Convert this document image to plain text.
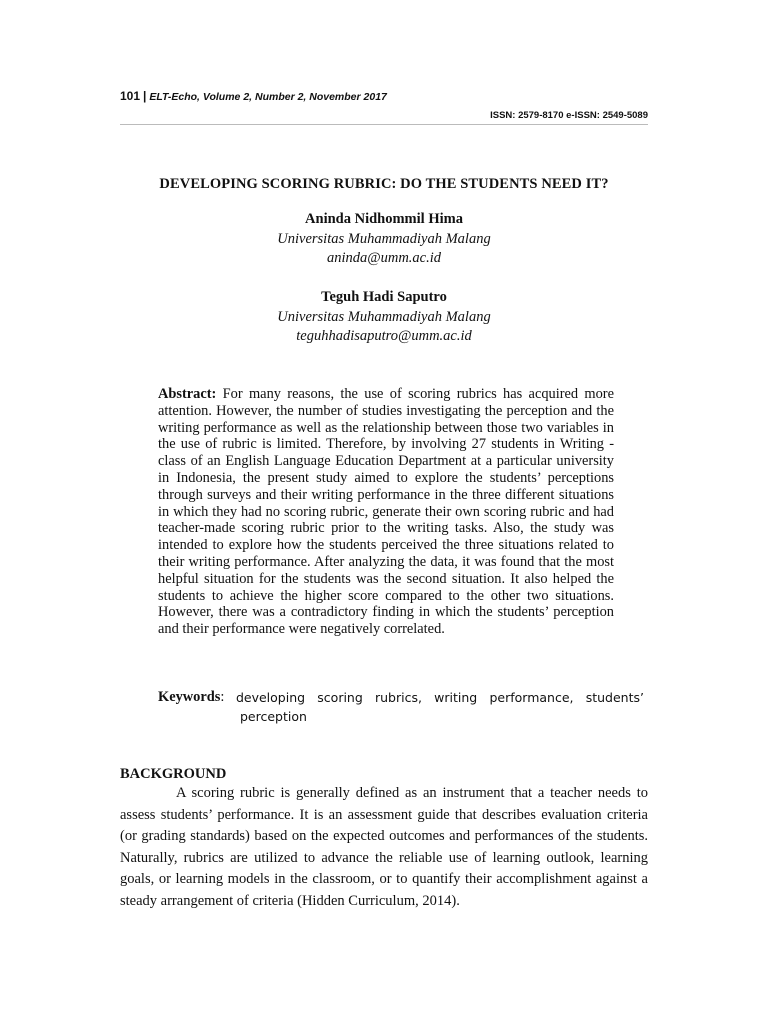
101 | ELT-Echo, Volume 2, Number 2, November 2017
ISSN: 2579-8170 e-ISSN: 2549-5089
DEVELOPING SCORING RUBRIC: DO THE STUDENTS NEED IT?
Aninda Nidhommil Hima
Universitas Muhammadiyah Malang
aninda@umm.ac.id
Teguh Hadi Saputro
Universitas Muhammadiyah Malang
teguhhadisaputro@umm.ac.id
Abstract: For many reasons, the use of scoring rubrics has acquired more attention. However, the number of studies investigating the perception and the writing performance as well as the relationship between those two variables in the use of rubric is limited. Therefore, by involving 27 students in Writing -class of an English Language Education Department at a particular university in Indonesia, the present study aimed to explore the students’ perceptions through surveys and their writing performance in the three different situations in which they had no scoring rubric, generate their own scoring rubric and had teacher-made scoring rubric prior to the writing tasks. Also, the study was intended to explore how the students perceived the three situations related to their writing performance. After analyzing the data, it was found that the most helpful situation for the students was the second situation. It also helped the students to achieve the higher score compared to the other two situations. However, there was a contradictory finding in which the students’ perception and their performance were negatively correlated.
Keywords: developing scoring rubrics, writing performance, students’
perception
BACKGROUND
A scoring rubric is generally defined as an instrument that a teacher needs to assess students’ performance. It is an assessment guide that describes evaluation criteria (or grading standards) based on the expected outcomes and performances of the students. Naturally, rubrics are utilized to advance the reliable use of learning outlook, learning goals, or learning models in the classroom, or to quantify their accomplishment against a steady arrangement of criteria (Hidden Curriculum, 2014).
